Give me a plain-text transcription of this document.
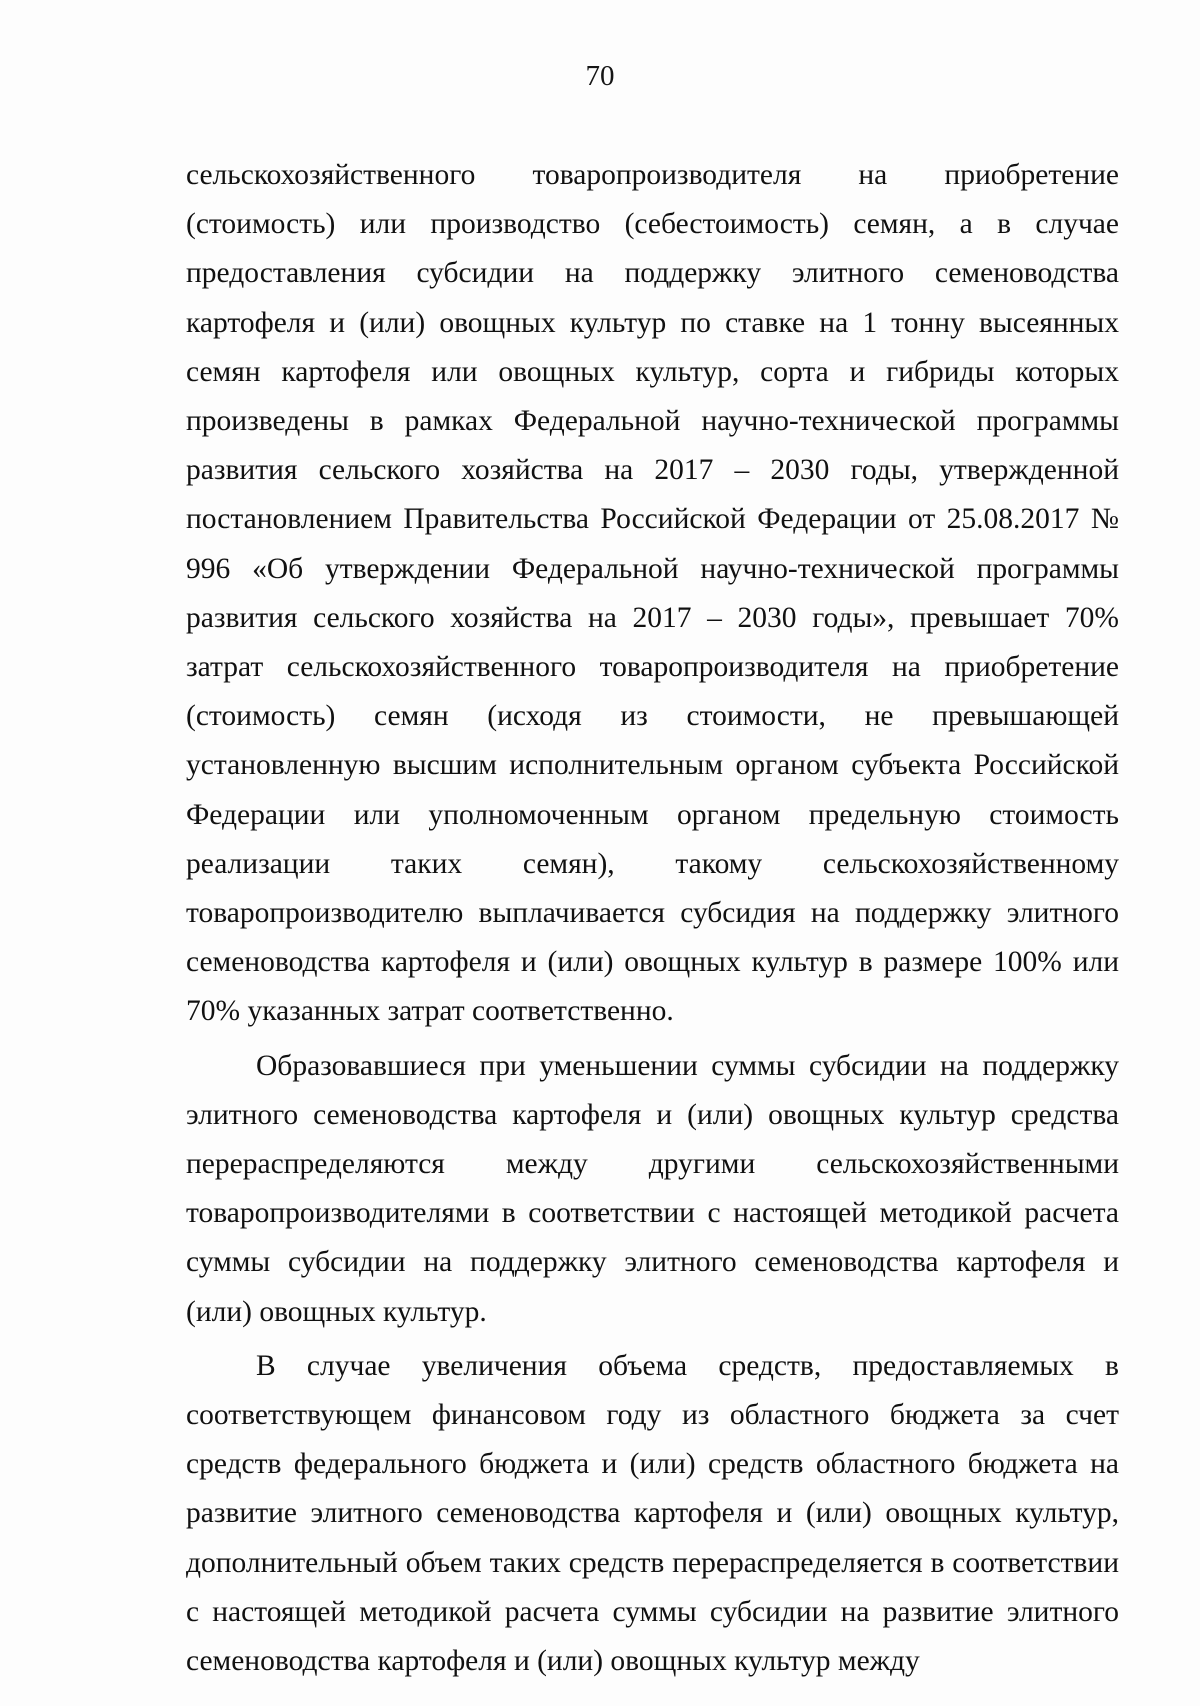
70

сельскохозяйственного товаропроизводителя на приобретение (стоимость) или производство (себестоимость) семян, а в случае предоставления субсидии на поддержку элитного семеноводства картофеля и (или) овощных культур по ставке на 1 тонну высеянных семян картофеля или овощных культур, сорта и гибриды которых произведены в рамках Федеральной научно-технической программы развития сельского хозяйства на 2017 – 2030 годы, утвержденной постановлением Правительства Российской Федерации от 25.08.2017 № 996 «Об утверждении Федеральной научно-технической программы развития сельского хозяйства на 2017 – 2030 годы», превышает 70% затрат сельскохозяйственного товаропроизводителя на приобретение (стоимость) семян (исходя из стоимости, не превышающей установленную высшим исполнительным органом субъекта Российской Федерации или уполномоченным органом предельную стоимость реализации таких семян), такому сельскохозяйственному товаропроизводителю выплачивается субсидия на поддержку элитного семеноводства картофеля и (или) овощных культур в размере 100% или 70% указанных затрат соответственно.

Образовавшиеся при уменьшении суммы субсидии на поддержку элитного семеноводства картофеля и (или) овощных культур средства перераспределяются между другими сельскохозяйственными товаропроизводителями в соответствии с настоящей методикой расчета суммы субсидии на поддержку элитного семеноводства картофеля и (или) овощных культур.

В случае увеличения объема средств, предоставляемых в соответствующем финансовом году из областного бюджета за счет средств федерального бюджета и (или) средств областного бюджета на развитие элитного семеноводства картофеля и (или) овощных культур, дополнительный объем таких средств перераспределяется в соответствии с настоящей методикой расчета суммы субсидии на развитие элитного семеноводства картофеля и (или) овощных культур между
